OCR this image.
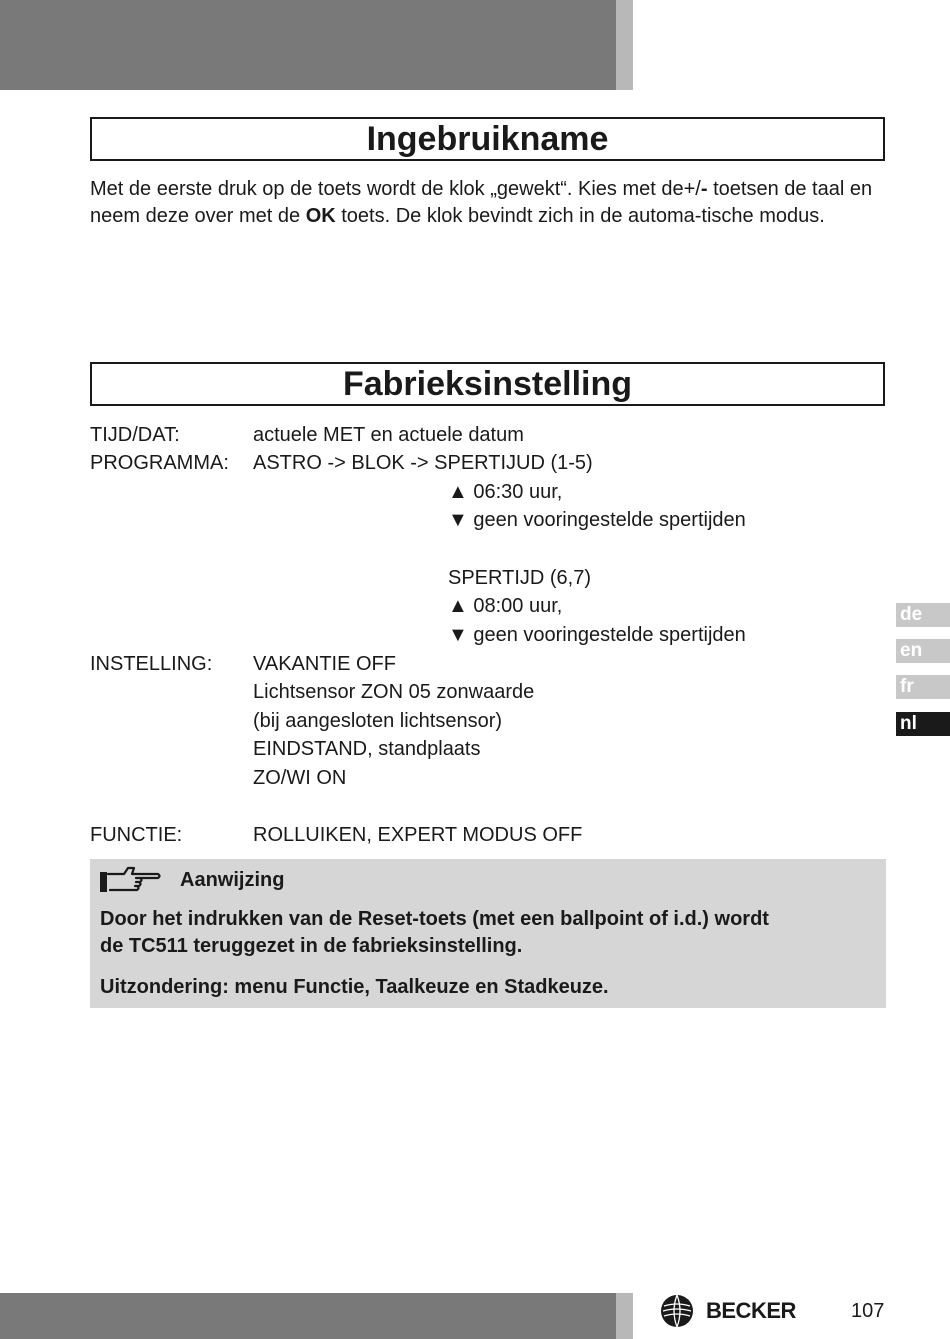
Ingebruikname
Met de eerste druk op de toets wordt de klok „gewekt“. Kies met de+/- toetsen de taal en neem deze over met de OK toets. De klok bevindt zich in de automa-tische modus.
Fabrieksinstelling
TIJD/DAT:	actuele MET en actuele datum
PROGRAMMA: ASTRO -> BLOK -> SPERTIJUD (1-5)
▲ 06:30 uur,
▼ geen vooringestelde spertijden
SPERTIJD (6,7)
▲ 08:00 uur,
▼ geen vooringestelde spertijden
INSTELLING: VAKANTIE OFF
Lichtsensor ZON 05 zonwaarde
(bij aangesloten lichtsensor)
EINDSTAND, standplaats
ZO/WI ON
FUNCTIE:	ROLLUIKEN, EXPERT MODUS OFF
Aanwijzing
Door het indrukken van de Reset-toets (met een ballpoint of i.d.) wordt
de TC511 teruggezet in de fabrieksinstelling.
Uitzondering: menu Functie, Taalkeuze en Stadkeuze.
de
en
fr
nl
BECKER	107
